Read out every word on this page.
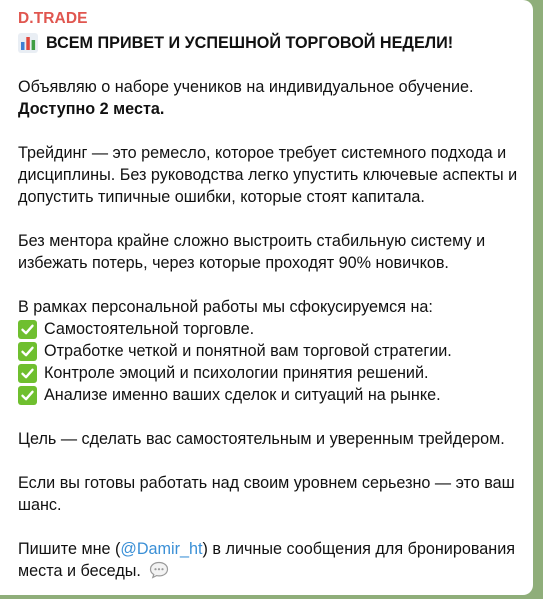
D.TRADE
ВСЕМ ПРИВЕТ И УСПЕШНОЙ ТОРГОВОЙ НЕДЕЛИ!
Объявляю о наборе учеников на индивидуальное обучение.
Доступно 2 места.
Трейдинг — это ремесло, которое требует системного подхода и дисциплины. Без руководства легко упустить ключевые аспекты и допустить типичные ошибки, которые стоят капитала.
Без ментора крайне сложно выстроить стабильную систему и избежать потерь, через которые проходят 90% новичков.
В рамках персональной работы мы сфокусируемся на:
Самостоятельной торговле.
Отработке четкой и понятной вам торговой стратегии.
Контроле эмоций и психологии принятия решений.
Анализе именно ваших сделок и ситуаций на рынке.
Цель — сделать вас самостоятельным и уверенным трейдером.
Если вы готовы работать над своим уровнем серьезно — это ваш шанс.
Пишите мне (@Damir_ht) в личные сообщения для бронирования места и беседы.
